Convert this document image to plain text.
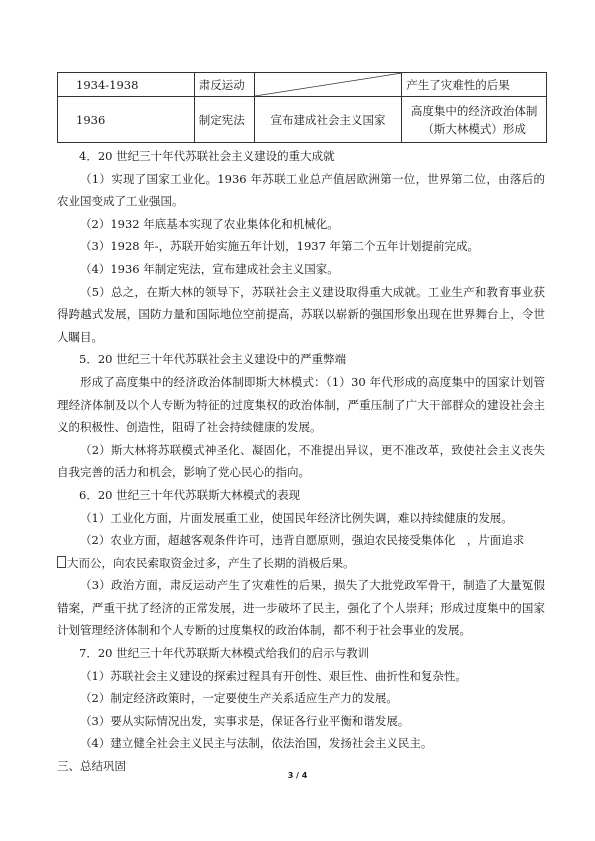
1934-1938	肃反运动		产生了灾难性的后果
1936	制定宪法	宣布建成社会主义国家	高度集中的经济政治体制
（斯大林模式）形成

4．20 世纪三十年代苏联社会主义建设的重大成就

（1）实现了国家工业化。1936 年苏联工业总产值居欧洲第一位，世界第二位，由落后的农业国变成了工业强国。

（2）1932 年底基本实现了农业集体化和机械化。

（3）1928 年-，苏联开始实施五年计划，1937 年第二个五年计划提前完成。

（4）1936 年制定宪法，宣布建成社会主义国家。

（5）总之，在斯大林的领导下，苏联社会主义建设取得重大成就。工业生产和教育事业获得跨越式发展，国防力量和国际地位空前提高，苏联以崭新的强国形象出现在世界舞台上，令世人瞩目。

5．20 世纪三十年代苏联社会主义建设中的严重弊端

形成了高度集中的经济政治体制即斯大林模式：（1）30 年代形成的高度集中的国家计划管理经济体制及以个人专断为特征的过度集权的政治体制，严重压制了广大干部群众的建设社会主义的积极性、创造性，阻碍了社会持续健康的发展。

（2）斯大林将苏联模式神圣化、凝固化，不准提出异议，更不准改革，致使社会主义丧失自我完善的活力和机会，影响了党心民心的指向。

6．20 世纪三十年代苏联斯大林模式的表现

（1）工业化方面，片面发展重工业，使国民年经济比例失调，难以持续健康的发展。

（2）农业方面，超越客观条件许可，违背自愿原则，强迫农民接受集体化　，片面追求

大而公，向农民索取资金过多，产生了长期的消极后果。

（3）政治方面，肃反运动产生了灾难性的后果，损失了大批党政军骨干，制造了大量冤假错案，严重干扰了经济的正常发展，进一步破坏了民主，强化了个人崇拜；形成过度集中的国家计划管理经济体制和个人专断的过度集权的政治体制，都不利于社会事业的发展。

7．20 世纪三十年代苏联斯大林模式给我们的启示与教训

（1）苏联社会主义建设的探索过程具有开创性、艰巨性、曲折性和复杂性。

（2）制定经济政策时，一定要使生产关系适应生产力的发展。

（3）要从实际情况出发，实事求是，保证各行业平衡和谐发展。

（4）建立健全社会主义民主与法制，依法治国，发扬社会主义民主。

三、总结巩固

3 / 4
